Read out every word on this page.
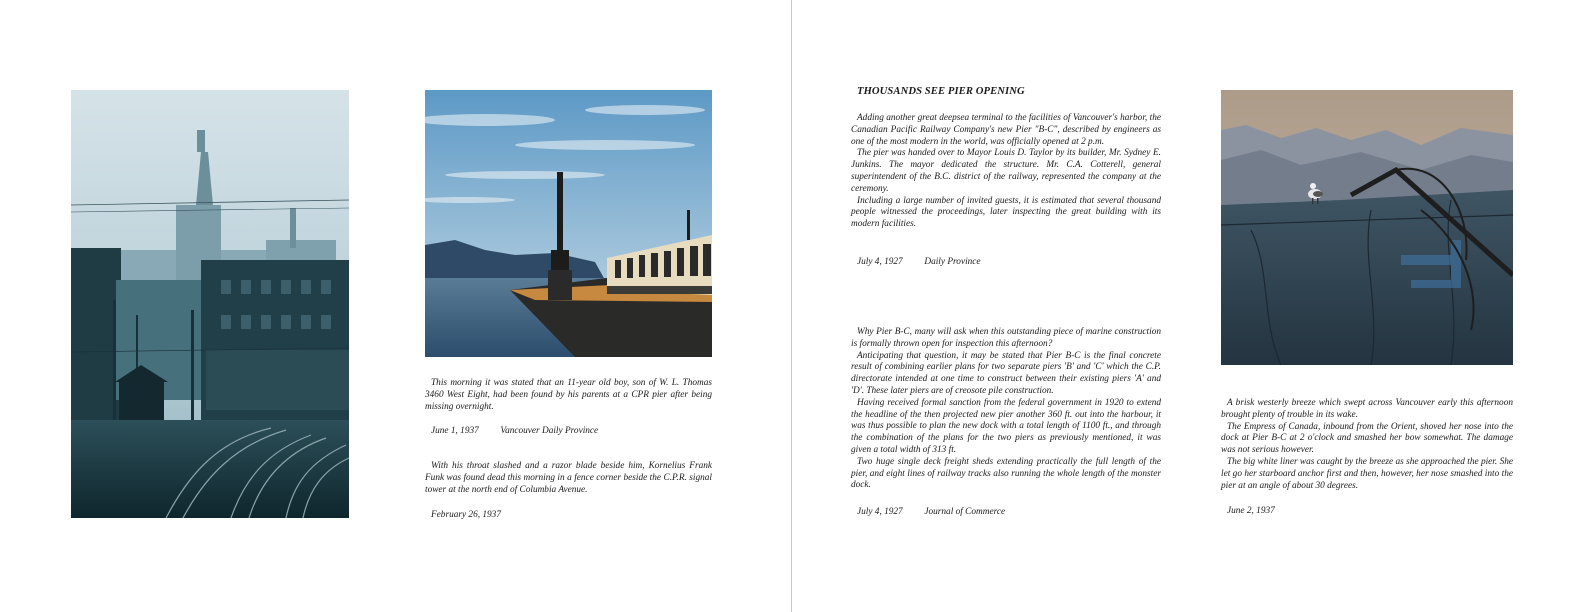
This morning it was stated that an 11-year old boy, son of W. L. Thomas 3460 West Eight, had been found by his parents at a CPR pier after being missing overnight.

June 1, 1937 Vancouver Daily Province

With his throat slashed and a razor blade beside him, Kornelius Frank Funk was found dead this morning in a fence corner beside the C.P.R. signal tower at the north end of Columbia Avenue.

February 26, 1937
THOUSANDS SEE PIER OPENING

Adding another great deepsea terminal to the facilities of Vancouver's harbor, the Canadian Pacific Railway Company's new Pier "B-C", described by engineers as one of the most modern in the world, was officially opened at 2 p.m.

The pier was handed over to Mayor Louis D. Taylor by its builder, Mr. Sydney E. Junkins. The mayor dedicated the structure. Mr. C.A. Cotterell, general superintendent of the B.C. district of the railway, represented the company at the ceremony.

Including a large number of invited guests, it is estimated that several thousand people witnessed the proceedings, later inspecting the great building with its modern facilities.

July 4, 1927 Daily Province

Why Pier B-C, many will ask when this outstanding piece of marine construction is formally thrown open for inspection this afternoon?

Anticipating that question, it may be stated that Pier B-C is the final concrete result of combining earlier plans for two separate piers 'B' and 'C' which the C.P. directorate intended at one time to construct between their existing piers 'A' and 'D'. These later piers are of creosote pile construction.

Having received formal sanction from the federal government in 1920 to extend the headline of the then projected new pier another 360 ft. out into the harbour, it was thus possible to plan the new dock with a total length of 1100 ft., and through the combination of the plans for the two piers as previously mentioned, it was given a total width of 313 ft.

Two huge single deck freight sheds extending practically the full length of the pier, and eight lines of railway tracks also running the whole length of the monster dock.

July 4, 1927 Journal of Commerce

A brisk westerly breeze which swept across Vancouver early this afternoon brought plenty of trouble in its wake.

The Empress of Canada, inbound from the Orient, shoved her nose into the dock at Pier B-C at 2 o'clock and smashed her bow somewhat. The damage was not serious however.

The big white liner was caught by the breeze as she approached the pier. She let go her starboard anchor first and then, however, her nose smashed into the pier at an angle of about 30 degrees.

June 2, 1937
